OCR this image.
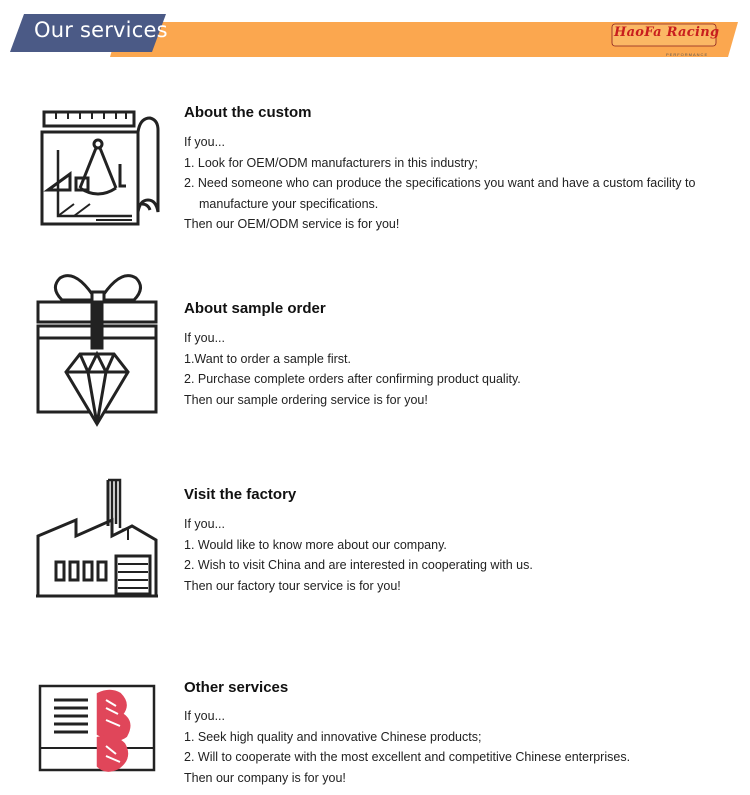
Our services	HaoFa Racing
PERFORMANCE
About the custom
If you...
1. Look for OEM/ODM manufacturers in this industry;
2. Need someone who can produce the specifications you want and have a custom facility to
manufacture your specifications.
Then our OEM/ODM service is for you!
About sample order
If you...
1.Want to order a sample first.
2. Purchase complete orders after confirming product quality.
Then our sample ordering service is for you!
Visit the factory
If you...
1. Would like to know more about our company.
2. Wish to visit China and are interested in cooperating with us.
Then our factory tour service is for you!
Other services
If you...
1. Seek high quality and innovative Chinese products;
2. Will to cooperate with the most excellent and competitive Chinese enterprises.
Then our company is for you!
